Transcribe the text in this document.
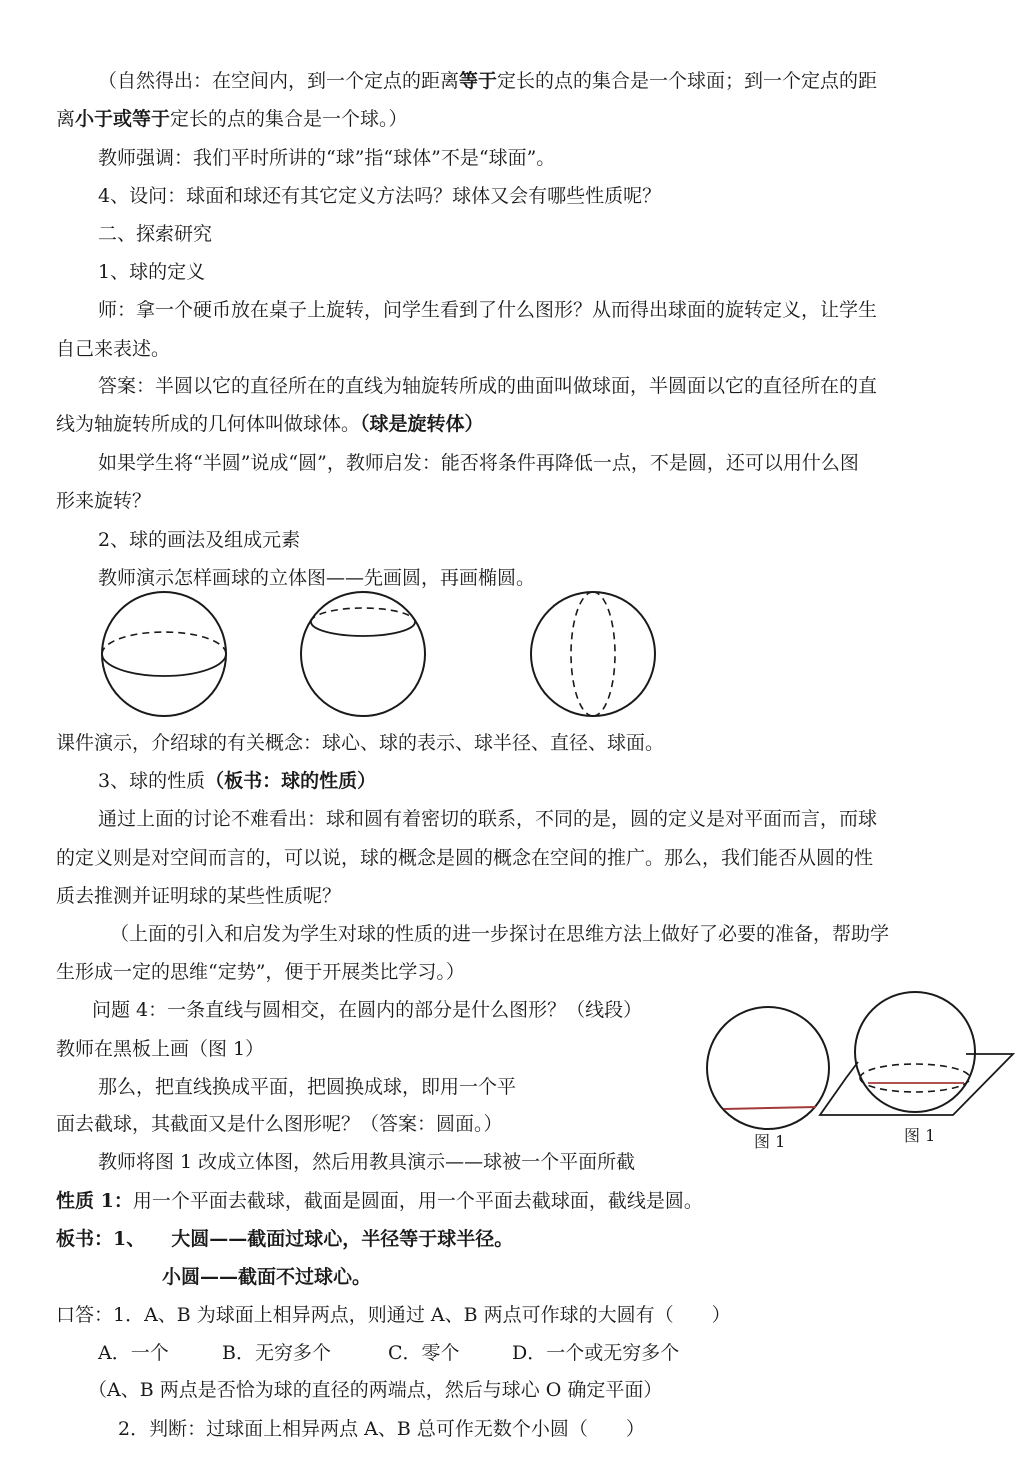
（自然得出：在空间内，到一个定点的距离等于定长的点的集合是一个球面；到一个定点的距
离小于或等于定长的点的集合是一个球。）
教师强调：我们平时所讲的“球”指“球体”不是“球面”。
4、设问：球面和球还有其它定义方法吗？球体又会有哪些性质呢？
二、探索研究
1、球的定义
师：拿一个硬币放在桌子上旋转，问学生看到了什么图形？从而得出球面的旋转定义，让学生
自己来表述。
答案：半圆以它的直径所在的直线为轴旋转所成的曲面叫做球面，半圆面以它的直径所在的直
线为轴旋转所成的几何体叫做球体。（球是旋转体）
如果学生将“半圆”说成“圆”，教师启发：能否将条件再降低一点，不是圆，还可以用什么图
形来旋转？
2、球的画法及组成元素
教师演示怎样画球的立体图——先画圆，再画椭圆。
课件演示，介绍球的有关概念：球心、球的表示、球半径、直径、球面。
3、球的性质（板书：球的性质）
通过上面的讨论不难看出：球和圆有着密切的联系，不同的是，圆的定义是对平面而言，而球
的定义则是对空间而言的，可以说，球的概念是圆的概念在空间的推广。那么，我们能否从圆的性
质去推测并证明球的某些性质呢？
（上面的引入和启发为学生对球的性质的进一步探讨在思维方法上做好了必要的准备，帮助学
生形成一定的思维“定势”，便于开展类比学习。）
问题 4：一条直线与圆相交，在圆内的部分是什么图形？（线段）
教师在黑板上画（图 1）
那么，把直线换成平面，把圆换成球，即用一个平
面去截球，其截面又是什么图形呢？（答案：圆面。）
图 1	图 1
教师将图 1 改成立体图，然后用教具演示——球被一个平面所截
性质 1：用一个平面去截球，截面是圆面，用一个平面去截球面，截线是圆。
板书：1、 大圆——截面过球心，半径等于球半径。
小圆——截面不过球心。
口答：1．A、B 为球面上相异两点，则通过 A、B 两点可作球的大圆有（　　）
A．一个	B．无穷多个	C．零个	D．一个或无穷多个
（A、B 两点是否恰为球的直径的两端点，然后与球心 O 确定平面）
2．判断：过球面上相异两点 A、B 总可作无数个小圆（　　）
